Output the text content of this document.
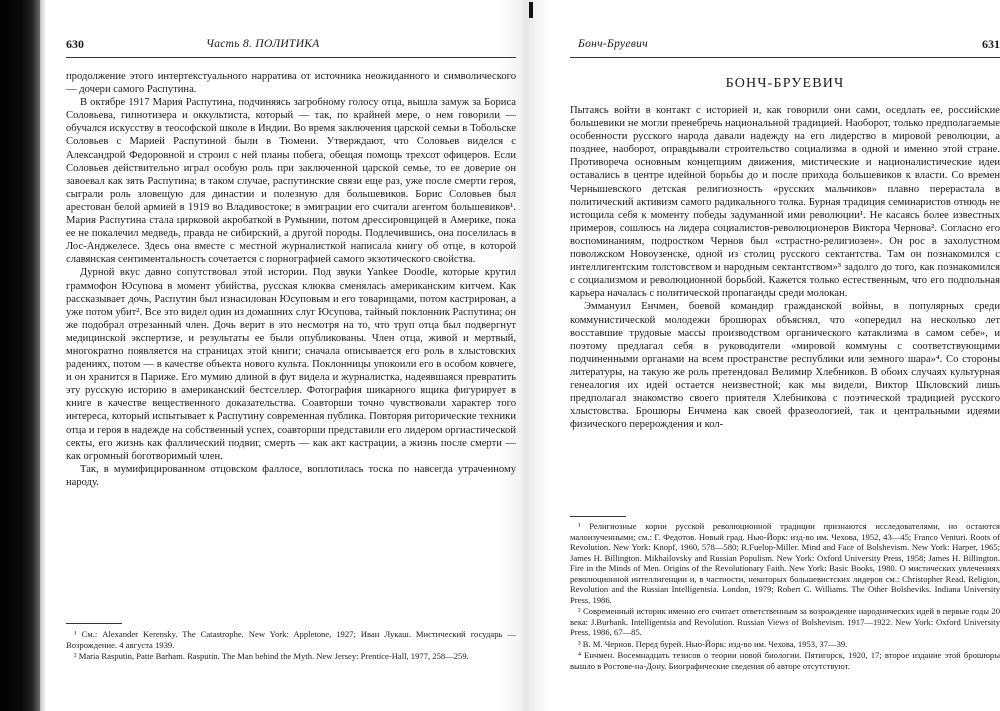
630	Часть 8. ПОЛИТИКА

продолжение этого интертекстуального нарратива от источника неожиданного и символического — дочери самого Распутина.

В октябре 1917 Мария Распутина, подчиняясь загробному голосу отца, вышла замуж за Бориса Соловьева, гипнотизера и оккультиста, который — так, по крайней мере, о нем говорили — обучался искусству в теософской школе в Индии. Во время заключения царской семьи в Тобольске Соловьев с Марией Распутиной были в Тюмени. Утверждают, что Соловьев виделся с Александрой Федоровной и строил с ней планы побега, обещая помощь трехсот офицеров. Если Соловьев действительно играл особую роль при заключенной царской семье, то ее доверие он завоевал как зять Распутина; в таком случае, распутинские связи еще раз, уже после смерти героя, сыграли роль зловещую для династии и полезную для большевиков. Борис Соловьев был арестован белой армией в 1919 во Владивостоке; в эмиграции его считали агентом большевиков¹. Мария Распутина стала цирковой акробаткой в Румынии, потом дрессировщицей в Америке, пока ее не покалечил медведь, правда не сибирский, а другой породы. Подлечившись, она поселилась в Лос-Анджелесе. Здесь она вместе с местной журналисткой написала книгу об отце, в которой славянская сентиментальность сочетается с порнографией самого экзотического свойства.

Дурной вкус давно сопутствовал этой истории. Под звуки Yankee Doodle, которые крутил граммофон Юсупова в момент убийства, русская клюква сменялась американским китчем. Как рассказывает дочь, Распутин был изнасилован Юсуповым и его товарищами, потом кастрирован, а уже потом убит². Все это видел один из домашних слуг Юсупова, тайный поклонник Распутина; он же подобрал отрезанный член. Дочь верит в это несмотря на то, что труп отца был подвергнут медицинской экспертизе, и результаты ее были опубликованы. Член отца, живой и мертвый, многократно появляется на страницах этой книги; сначала описывается его роль в хлыстовских радениях, потом — в качестве объекта нового культа. Поклонницы упокоили его в особом ковчеге, и он хранится в Париже. Его мумию длиной в фут видела и журналистка, надеявшаяся превратить эту русскую историю в американский бестселлер. Фотография шикарного ящика фигурирует в книге в качестве вещественного доказательства. Соавторши точно чувствовали характер того интереса, который испытывает к Распутину современная публика. Повторяя риторические техники отца и героя в надежде на собственный успех, соавторши представили его лидером оргиастической секты, его жизнь как фаллический подвиг, смерть — как акт кастрации, а жизнь после смерти — как огромный боготворимый член.

Так, в мумифицированном отцовском фаллосе, воплотилась тоска по навсегда утраченному народу.

¹ См.: Alexander Kerensky. The Catastrophe. New York: Appletone, 1927; Иван Лукаш. Мистический государь — Возрождение. 4 августа 1939.

² Maria Rasputin, Patte Barham. Rasputin. The Man behind the Myth. New Jersey: Prentice-Hall, 1977, 258—259.

Бонч-Бруевич	631
БОНЧ-БРУЕВИЧ

Пытаясь войти в контакт с историей и, как говорили они сами, оседлать ее, российские большевики не могли пренебречь национальной традицией. Наоборот, только предполагаемые особенности русского народа давали надежду на его лидерство в мировой революции, а позднее, наоборот, оправдывали строительство социализма в одной и именно этой стране. Противореча основным концепциям движения, мистические и националистические идеи оставались в центре идейной борьбы до и после прихода большевиков к власти. Со времен Чернышевского детская религиозность «русских мальчиков» плавно перерастала в политический активизм самого радикального толка. Бурная традиция семинаристов отнюдь не истощила себя к моменту победы задуманной ими революции¹. Не касаясь более известных примеров, сошлюсь на лидера социалистов-революционеров Виктора Чернова². Согласно его воспоминаниям, подростком Чернов был «страстно-религиозен». Он рос в захолустном поволжском Новоузенске, одной из столиц русского сектантства. Там он познакомился с интеллигентским толстовством и народным сектантством»³ задолго до того, как познакомился с социализмом и революционной борьбой. Кажется только естественным, что его подпольная карьера началась с политической пропаганды среди молокан.

Эммануил Енчмен, боевой командир гражданской войны, в популярных среди коммунистической молодежи брошюрах объяснял, что «опередил на несколько лет восставшие трудовые массы производством органического катаклизма в самом себе», и поэтому предлагал себя в руководители «мировой коммуны с соответствующими подчиненными органами на всем пространстве республики или земного шара»⁴. Со стороны литературы, на такую же роль претендовал Велимир Хлебников. В обоих случаях культурная генеалогия их идей остается неизвестной; как мы видели, Виктор Шкловский лишь предполагал знакомство своего приятеля Хлебникова с поэтической традицией русского хлыстовства. Брошюры Енчмена как своей фразеологией, так и центральными идеями физического перерождения и кол-

¹ Религиозные корни русской революционной традиции признаются исследователями, но остаются малоизученными; см.: Г. Федотов. Новый град. Нью-Йорк: изд-во им. Чехова, 1952, 43—45; Franco Venturi. Roots of Revolution. New York: Knopf, 1960, 578—580; R.Fuelop-Miller. Mind and Face of Bolshevism. New York: Harper, 1965; James H. Billington. Mikhailovsky and Russian Populism. New York: Oxford University Press, 1958; James H. Billington. Fire in the Minds of Men. Origins of the Revolutionary Faith. New York: Basic Books, 1980. О мистических увлечениях революционной интеллигенции и, в частности, некоторых большевистских лидеров см.: Christopher Read. Religion, Revolution and the Russian Intelligentsia. London, 1979; Robert C. Williams. The Other Bolsheviks. Indiana University Press, 1986.

² Современный историк именно его считает ответственным за возрождение народнических идей в первые годы 20 века: J.Burbank. Intelligentsia and Revolution. Russian Views of Bolshevism. 1917—1922. New York: Oxford University Press, 1986, 67—85.

³ В. М. Чернов. Перед бурей. Нью-Йорк: изд-во им. Чехова, 1953, 37—39.

⁴ Енчмен. Восемнадцать тезисов о теории новой биологии. Пятигорск, 1920, 17; второе издание этой брошюры вышло в Ростове-на-Дону. Биографические сведения об авторе отсутствуют.
